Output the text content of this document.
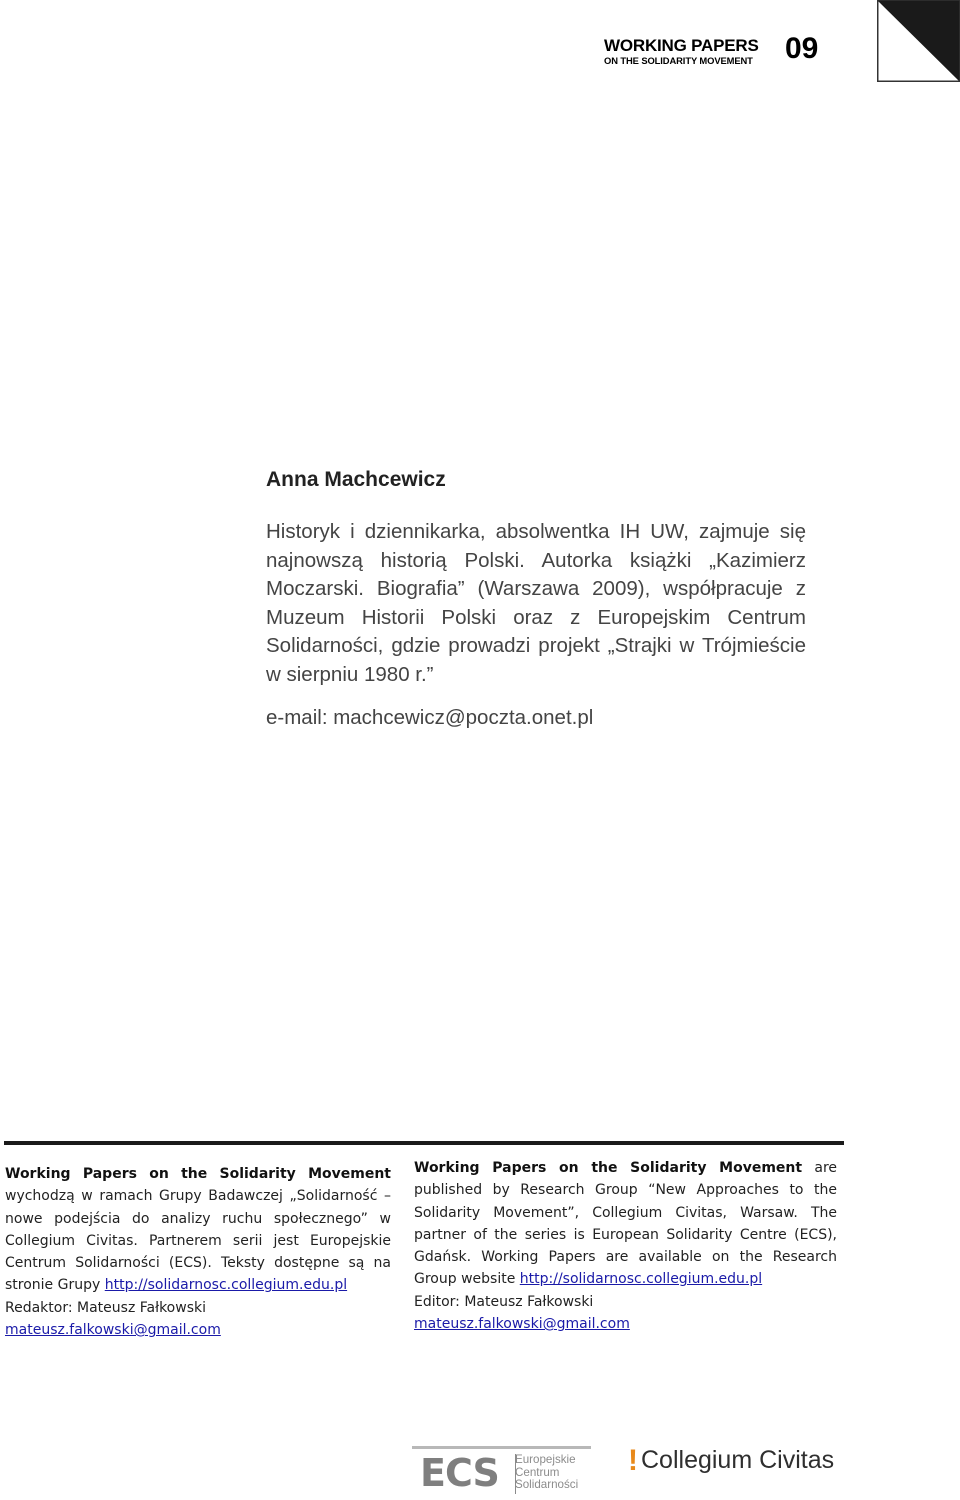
WORKING PAPERS
ON THE SOLIDARITY MOVEMENT	09
Anna Machcewicz

Historyk i dziennikarka, absolwentka IH UW, zajmuje się najnowszą historią Polski. Autorka książki „Kazimierz Moczarski. Biografia” (Warszawa 2009), współpracuje z Muzeum Historii Polski oraz z Europejskim Centrum Solidarności, gdzie prowadzi projekt „Strajki w Trójmieście w sierpniu 1980 r.”

e-mail: machcewicz@poczta.onet.pl
Working Papers on the Solidarity Movement wychodzą w ramach Grupy Badawczej „Solidarność – nowe podejścia do analizy ruchu społecznego” w Collegium Civitas. Partnerem serii jest Europejskie Centrum Solidarności (ECS). Teksty dostępne są na stronie Grupy http://solidarnosc.collegium.edu.pl
Redaktor: Mateusz Fałkowski
mateusz.falkowski@gmail.com
Working Papers on the Solidarity Movement are published by Research Group “New Approaches to the Solidarity Movement”, Collegium Civitas, Warsaw. The partner of the series is European Solidarity Centre (ECS), Gdańsk. Working Papers are available on the Research Group website http://solidarnosc.collegium.edu.pl
Editor: Mateusz Fałkowski
mateusz.falkowski@gmail.com
ECS Europejskie
Centrum
Solidarności
! Collegium Civitas
